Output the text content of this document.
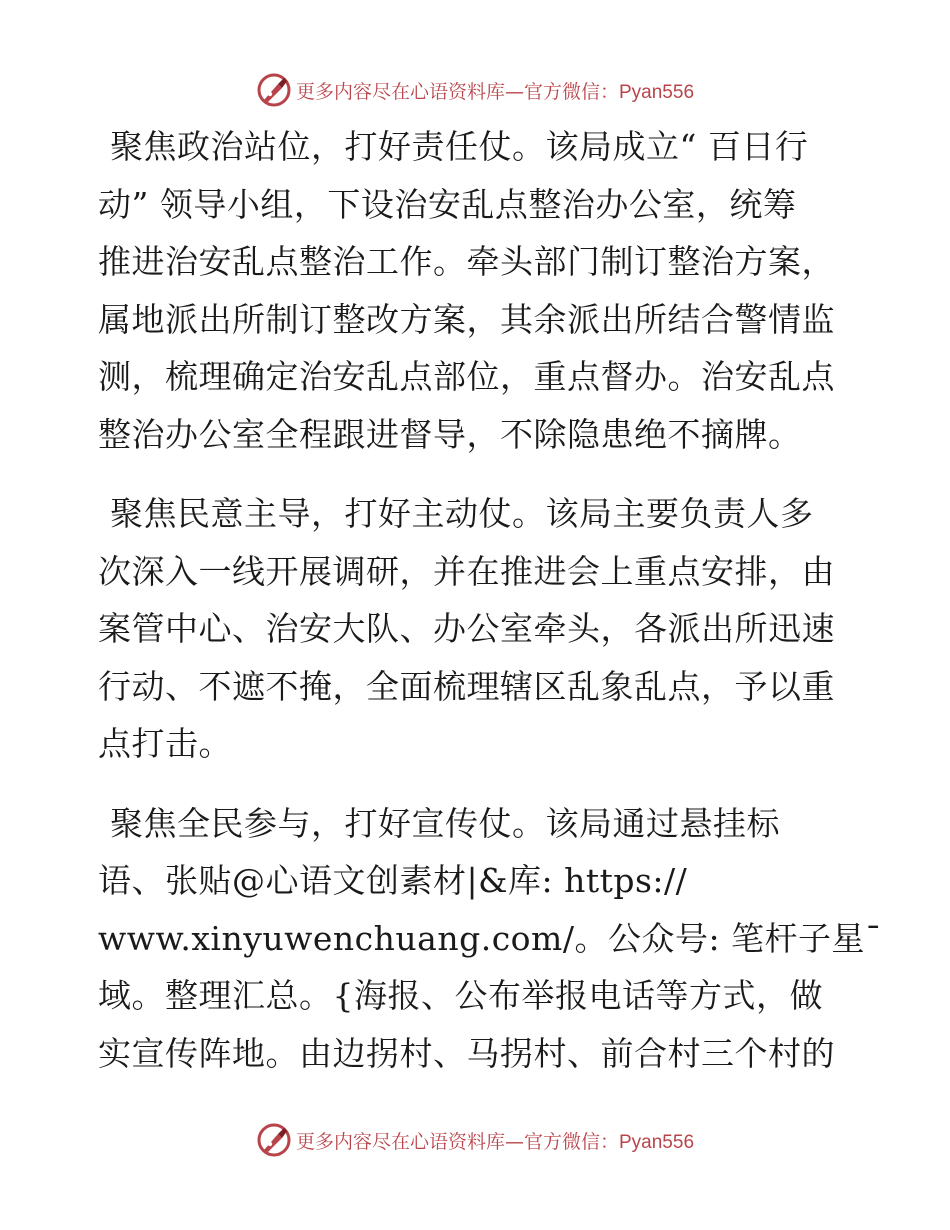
更多内容尽在心语资料库—官方微信：Pyan556
聚焦政治站位，打好责任仗。该局成立“ 百日行
动” 领导小组，下设治安乱点整治办公室，统筹
推进治安乱点整治工作。牵头部门制订整治方案，
属地派出所制订整改方案，其余派出所结合警情监
测，梳理确定治安乱点部位，重点督办。治安乱点
整治办公室全程跟进督导，不除隐患绝不摘牌。
聚焦民意主导，打好主动仗。该局主要负责人多
次深入一线开展调研，并在推进会上重点安排，由
案管中心、治安大队、办公室牵头，各派出所迅速
行动、不遮不掩，全面梳理辖区乱象乱点，予以重
点打击。
聚焦全民参与，打好宣传仗。该局通过悬挂标
语、张贴@心语文创素材|&库: https://
www.xinyuwenchuang.com/。公众号: 笔杆子星¯
域。整理汇总。{海报、公布举报电话等方式，做
实宣传阵地。由边拐村、马拐村、前合村三个村的
更多内容尽在心语资料库—官方微信：Pyan556
